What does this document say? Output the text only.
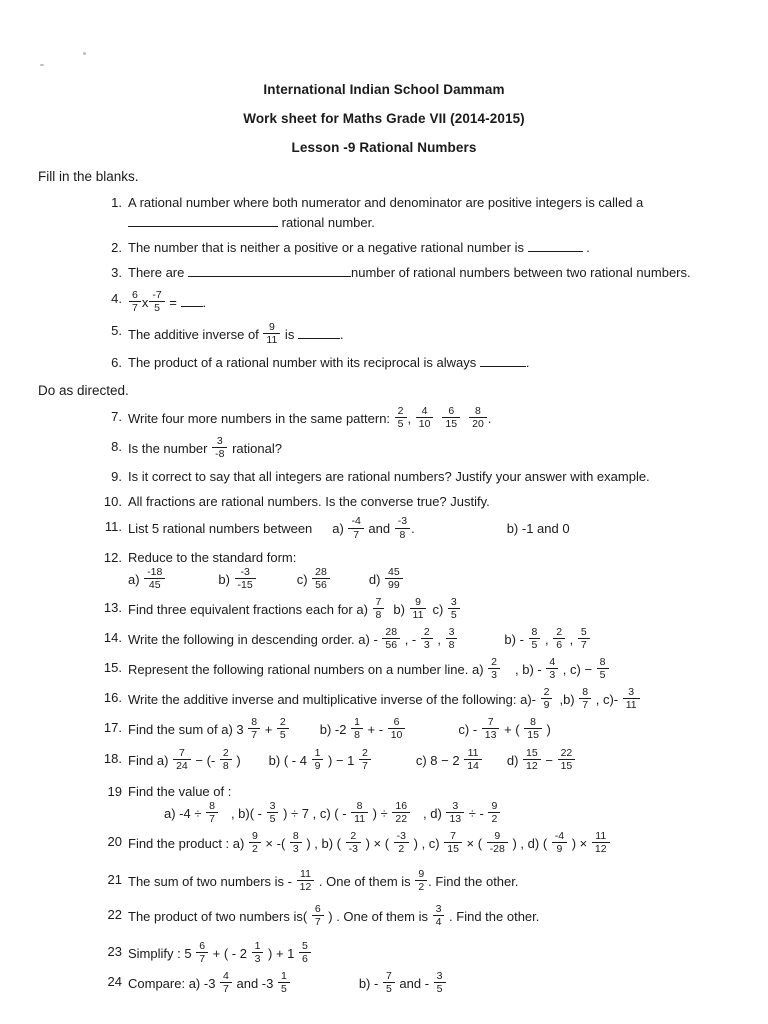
International Indian School Dammam
Work sheet for Maths Grade VII (2014-2015)
Lesson -9 Rational Numbers
Fill in the blanks.
1. A rational number where both numerator and denominator are positive integers is called a
rational number.
2. The number that is neither a positive or a negative rational number is	.
3. There are	number of rational numbers between two rational numbers.
4. $\frac{6}{7}$ x $\frac{-7}{5}$ = .
5. The additive inverse of $\frac{9}{11}$ is	.
6. The product of a rational number with its reciprocal is always	.
Do as directed.
7. Write four more numbers in the same pattern: $\frac{2}{5}$ , $\frac{4}{10} \frac{6}{15} \frac{8}{20}$ .
8. Is the number $\frac{3}{-8}$ rational?
9. Is it correct to say that all integers are rational numbers? Justify your answer with example.
10. All fractions are rational numbers. Is the converse true? Justify.
11. List 5 rational numbers between $a) \frac{-4}{7}$ and $\frac{-3}{8}$ .	b) -1 and 0
12. Reduce to the standard form:
$a) \frac{-18}{45}$	$b) \frac{-3}{-15}$	$c) \frac{28}{56}$	$d) \frac{45}{99}$
13. Find three equivalent fractions each for $a) \frac{7}{8} b) \frac{9}{11} c) \frac{3}{5}$
14. Write the following in descending order. $a) - \frac{28}{56}$ , - $\frac{2}{3}$ , $\frac{3}{8}$	$b) - \frac{8}{5}$ , $\frac{2}{6}$ , $\frac{5}{7}$
15. Represent the following rational numbers on a number line. $a) \frac{2}{3}$ , $b) - \frac{4}{3}$ , $c) - \frac{8}{5}$
16. Write the additive inverse and multiplicative inverse of the following: $a)- \frac{2}{9} ,b) \frac{8}{7}$ , $c)- \frac{3}{11}$
17. Find the sum of a) $3 \frac{8}{7} + \frac{2}{5} b$) $-2 \frac{1}{8}$ + - $\frac{6}{10}$	$c) - \frac{7}{13}$ + ( $\frac{8}{15}$ )
18. Find $a) \frac{7}{24}$ − (- $\frac{2}{8}$ ) b) ( - $4 \frac{1}{9}$ ) − $1 \frac{2}{7}$	c) $8 - 2 \frac{11}{14} d) \frac{15}{12} - \frac{22}{15}$
19 Find the value of :
a) $-4 \div \frac{8}{7}$ , $b)( - \frac{3}{5}$ ) ÷ 7 , c) ( - $\frac{8}{11}$ ) ÷ $\frac{16}{22}$ , $d) \frac{3}{13}$ ÷ - $\frac{9}{2}$
20 Find the product : $a) \frac{9}{2}$ × -( $\frac{8}{3}$ ) , b) ( $\frac{2}{-3}$ ) × ( $\frac{-3}{2}$ ) , $c) \frac{7}{15}$ × ( $\frac{9}{-28}$ ) , d) ( $\frac{-4}{9}$ ) × $\frac{11}{12}$
21 The sum of two numbers is - $\frac{11}{12}$ . One of them is $\frac{9}{2}$ . Find the other.
22 The product of two numbers $is( \frac{6}{7}$ ) . One of them is $\frac{3}{4}$ . Find the other.
23 Simplify : $5 \frac{6}{7}$ + ( - $2 \frac{1}{3}$ ) + $1 \frac{5}{6}$
24 Compare: a) $-3 \frac{4}{7}$ and $-3 \frac{1}{5}$	$b) - \frac{7}{5}$ and - $\frac{3}{5}$
